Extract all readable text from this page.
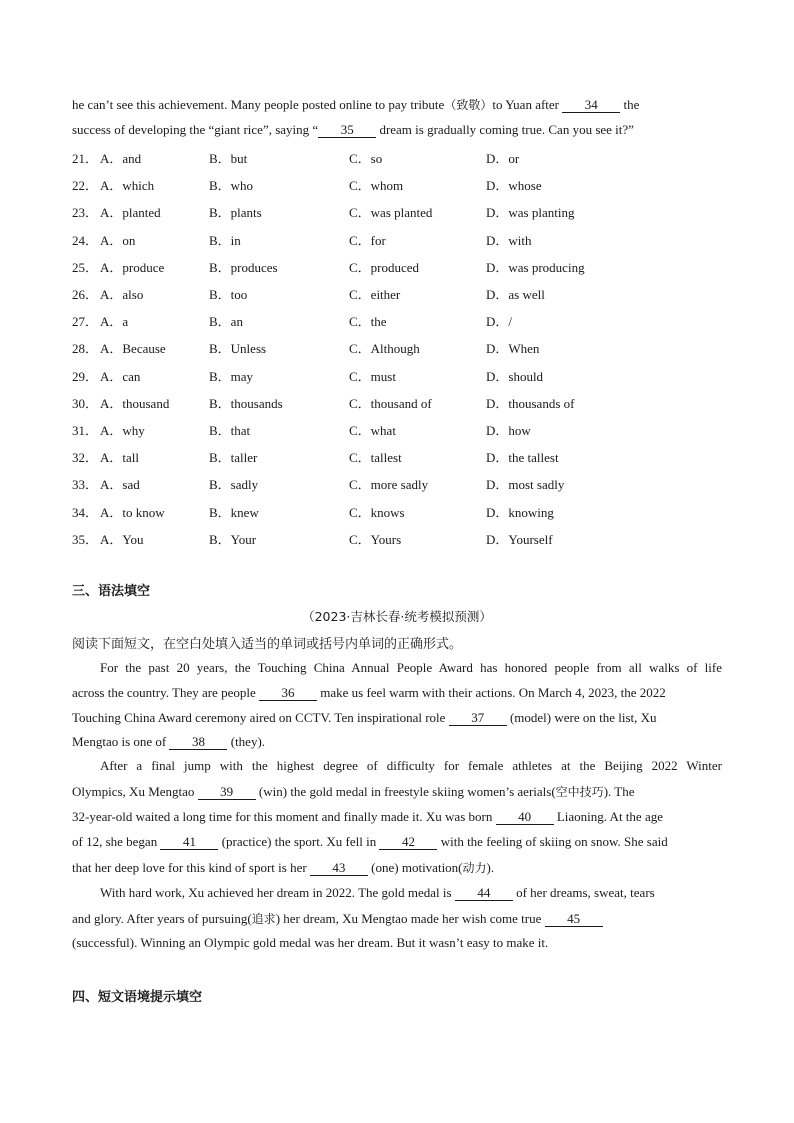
he can’t see this achievement. Many people posted online to pay tribute（致敬）to Yuan after 34 the
success of developing the “giant rice”, saying “ 35 dream is gradually coming true. Can you see it?”
21． A．and	B．but	C．so	D．or
22． A．which	B．who	C．whom	D．whose
23． A．planted	B．plants	C．was planted	D．was planting
24． A．on	B．in	C．for	D．with
25． A．produce	B．produces	C．produced	D．was producing
26． A．also	B．too	C．either	D．as well
27． A．a	B．an	C．the	D．/
28． A．Because	B．Unless	C．Although	D．When
29． A．can	B．may	C．must	D．should
30． A．thousand	B．thousands	C．thousand of	D．thousands of
31． A．why	B．that	C．what	D．how
32． A．tall	B．taller	C．tallest	D．the tallest
33． A．sad	B．sadly	C．more sadly	D．most sadly
34． A．to know	B．knew	C．knows	D．knowing
35． A．You	B．Your	C．Yours	D．Yourself
三、语法填空
（2023·吉林长春·统考模拟预测）
阅读下面短文，在空白处填入适当的单词或括号内单词的正确形式。
For the past 20 years, the Touching China Annual People Award has honored people from all walks of life
across the country. They are people 36 make us feel warm with their actions. On March 4, 2023, the 2022
Touching China Award ceremony aired on CCTV. Ten inspirational role 37 (model) were on the list, Xu
Mengtao is one of 38 (they).
After a final jump with the highest degree of difficulty for female athletes at the Beijing 2022 Winter
Olympics, Xu Mengtao 39 (win) the gold medal in freestyle skiing women’s aerials(空中技巧). The
32-year-old waited a long time for this moment and finally made it. Xu was born 40 Liaoning. At the age
of 12, she began 41 (practice) the sport. Xu fell in 42 with the feeling of skiing on snow. She said
that her deep love for this kind of sport is her 43 (one) motivation(动力).
With hard work, Xu achieved her dream in 2022. The gold medal is 44 of her dreams, sweat, tears
and glory. After years of pursuing(追求) her dream, Xu Mengtao made her wish come true 45
(successful). Winning an Olympic gold medal was her dream. But it wasn’t easy to make it.
四、短文语境提示填空
